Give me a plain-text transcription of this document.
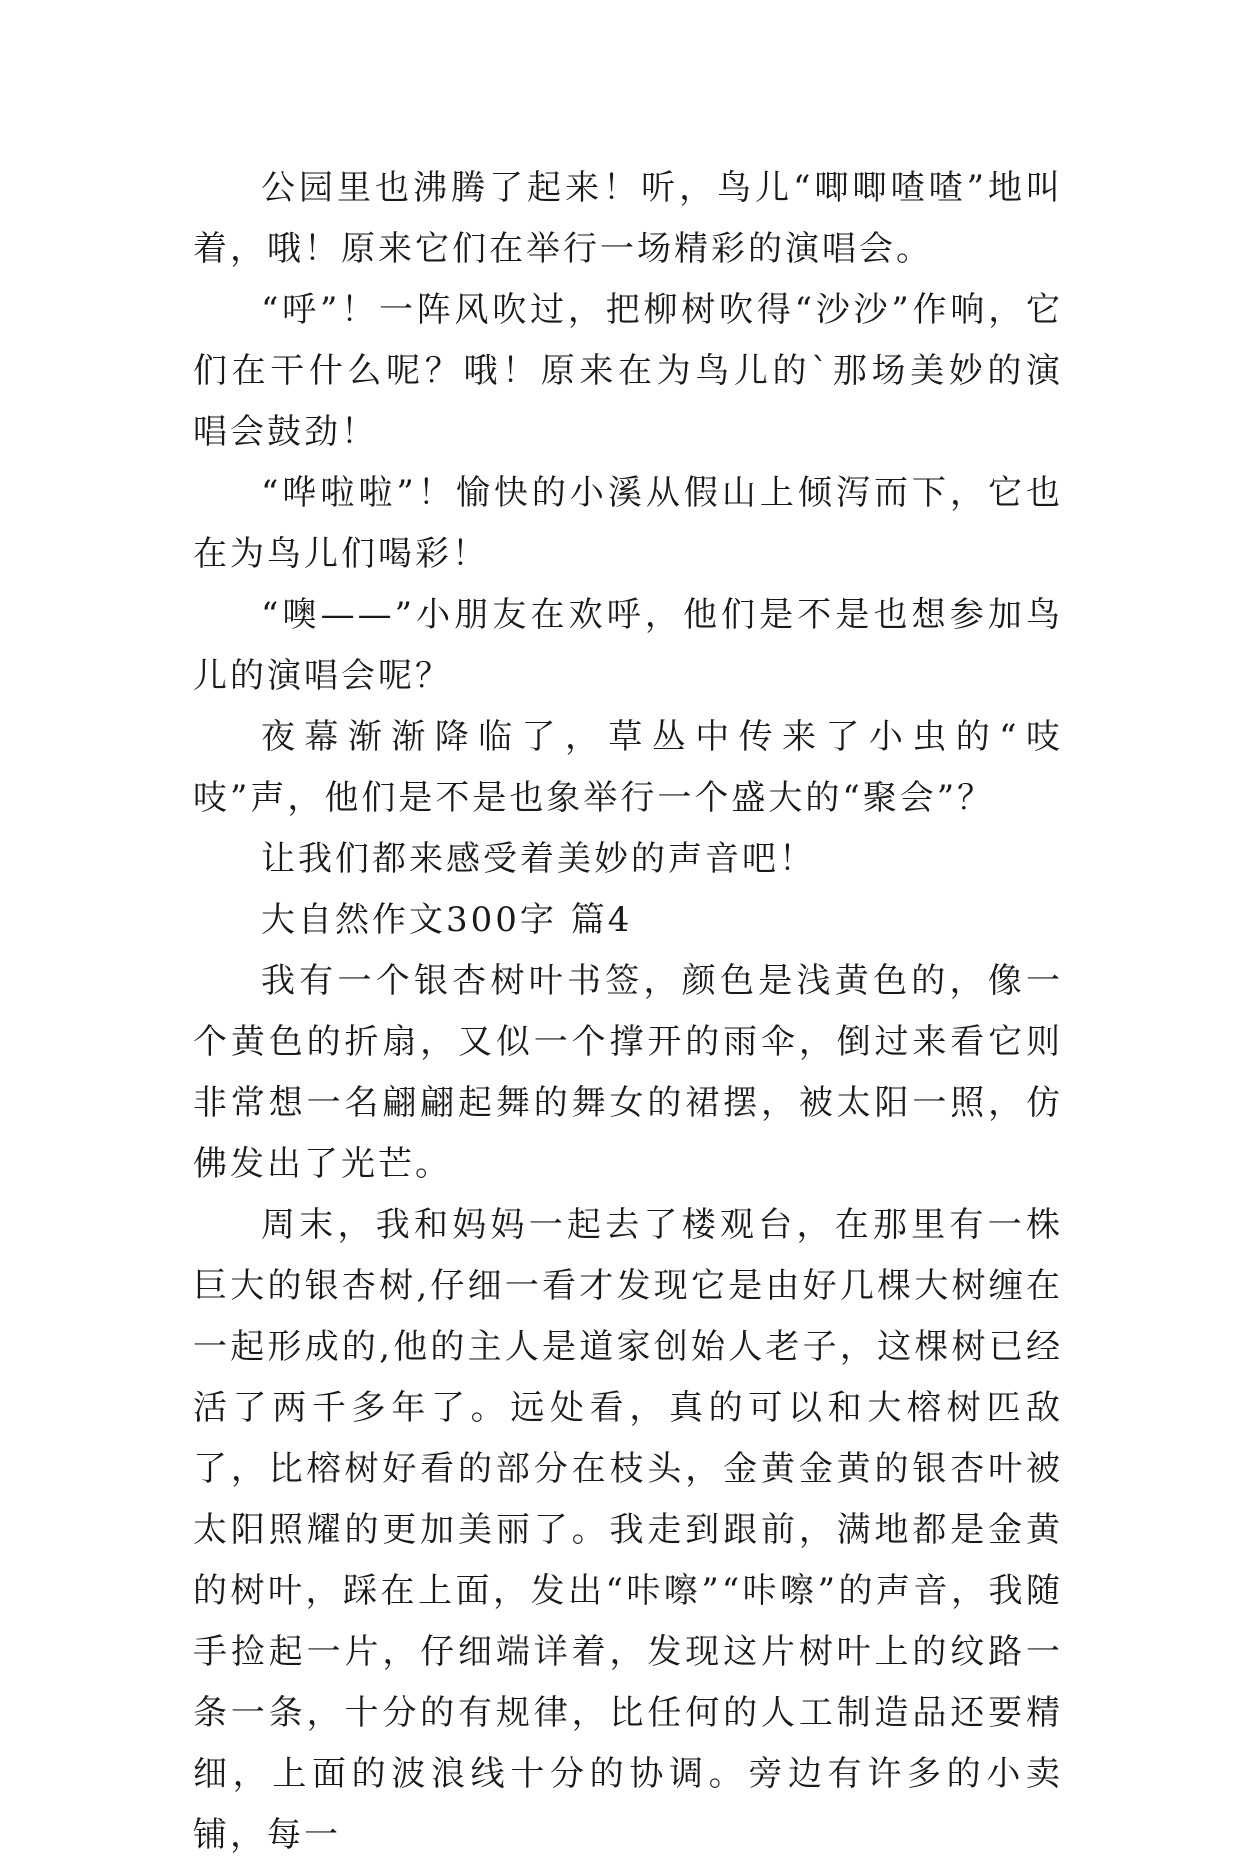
公园里也沸腾了起来！听，鸟儿“唧唧喳喳”地叫着，哦！原来它们在举行一场精彩的演唱会。

“呼”！一阵风吹过，把柳树吹得“沙沙”作响，它们在干什么呢？哦！原来在为鸟儿的`那场美妙的演唱会鼓劲！

“哗啦啦”！愉快的小溪从假山上倾泻而下，它也在为鸟儿们喝彩！

“噢——”小朋友在欢呼，他们是不是也想参加鸟儿的演唱会呢？

夜幕渐渐降临了，草丛中传来了小虫的“吱吱”声，他们是不是也象举行一个盛大的“聚会”？

让我们都来感受着美妙的声音吧！

大自然作文300字 篇4

我有一个银杏树叶书签，颜色是浅黄色的，像一个黄色的折扇，又似一个撑开的雨伞，倒过来看它则非常想一名翩翩起舞的舞女的裙摆，被太阳一照，仿佛发出了光芒。

周末，我和妈妈一起去了楼观台，在那里有一株巨大的银杏树,仔细一看才发现它是由好几棵大树缠在一起形成的,他的主人是道家创始人老子，这棵树已经活了两千多年了。远处看，真的可以和大榕树匹敌了，比榕树好看的部分在枝头，金黄金黄的银杏叶被太阳照耀的更加美丽了。我走到跟前，满地都是金黄的树叶，踩在上面，发出“咔嚓”“咔嚓”的声音，我随手捡起一片，仔细端详着，发现这片树叶上的纹路一条一条，十分的有规律，比任何的人工制造品还要精细，上面的波浪线十分的协调。旁边有许多的小卖铺，每一
